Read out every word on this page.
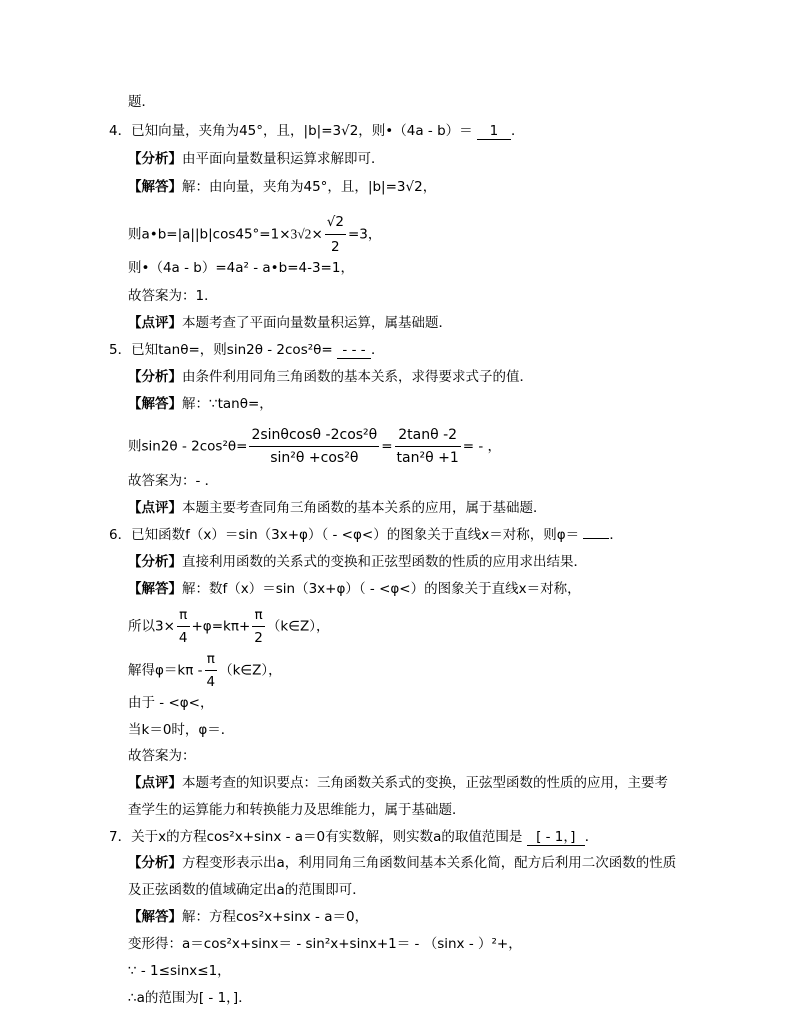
题．
4．已知向量，夹角为45°，且，|b|=3√2，则•（4a - b）＝ 1 ．
【分析】由平面向量数量积运算求解即可．
【解答】解：由向量，夹角为45°，且，|b|=3√2，
则a•b=|a||b|cos45°=1×3√2× $\frac{√2}{2} =3$，
则•（4a - b）=4a² - a•b=4-3=1，
故答案为：1．
【点评】本题考查了平面向量数量积运算，属基础题．
5．已知tanθ=，则sin2θ - 2cos²θ= - - - ．
【分析】由条件利用同角三角函数的基本关系，求得要求式子的值．
【解答】解：∵tanθ=，
则$\sin 2\theta - 2\cos^2\theta= \frac{\text{2sinθcosθ -2cos²θ}}{\text{sin²θ +cos²θ}} = \frac{2\tan\theta -2}{\text{tan²θ +1}}$ = - ，
故答案为：- ．
【点评】本题主要考查同角三角函数的基本关系的应用，属于基础题．
6．已知函数f（x）＝sin（3x+φ）（ - <φ<）的图象关于直线x＝对称，则φ＝ ．
【分析】直接利用函数的关系式的变换和正弦型函数的性质的应用求出结果．
【解答】解：数f（x）＝sin（3x+φ）（ - <φ<）的图象关于直线x＝对称，
所以$3\times \frac{\pi}{4} +\varphi=k\pi+ \frac{\pi}{2}$ （k∈Z），
解得$\varphi=k\pi - \frac{\pi}{4}$ （k∈Z），
由于 - <φ<，
当k＝0时，φ＝．
故答案为：
【点评】本题考查的知识要点：三角函数关系式的变换，正弦型函数的性质的应用，主要考
查学生的运算能力和转换能力及思维能力，属于基础题．
7．关于x的方程cos²x+sinx - a＝0有实数解，则实数a的取值范围是 [ - 1，] ．
【分析】方程变形表示出a，利用同角三角函数间基本关系化简，配方后利用二次函数的性质
及正弦函数的值域确定出a的范围即可．
【解答】解：方程cos²x+sinx - a＝0，
变形得：a＝cos²x+sinx＝ - sin²x+sinx+1＝ - （sinx - ）²+，
∵ - 1≤sinx≤1，
∴a的范围为[ - 1，]．
